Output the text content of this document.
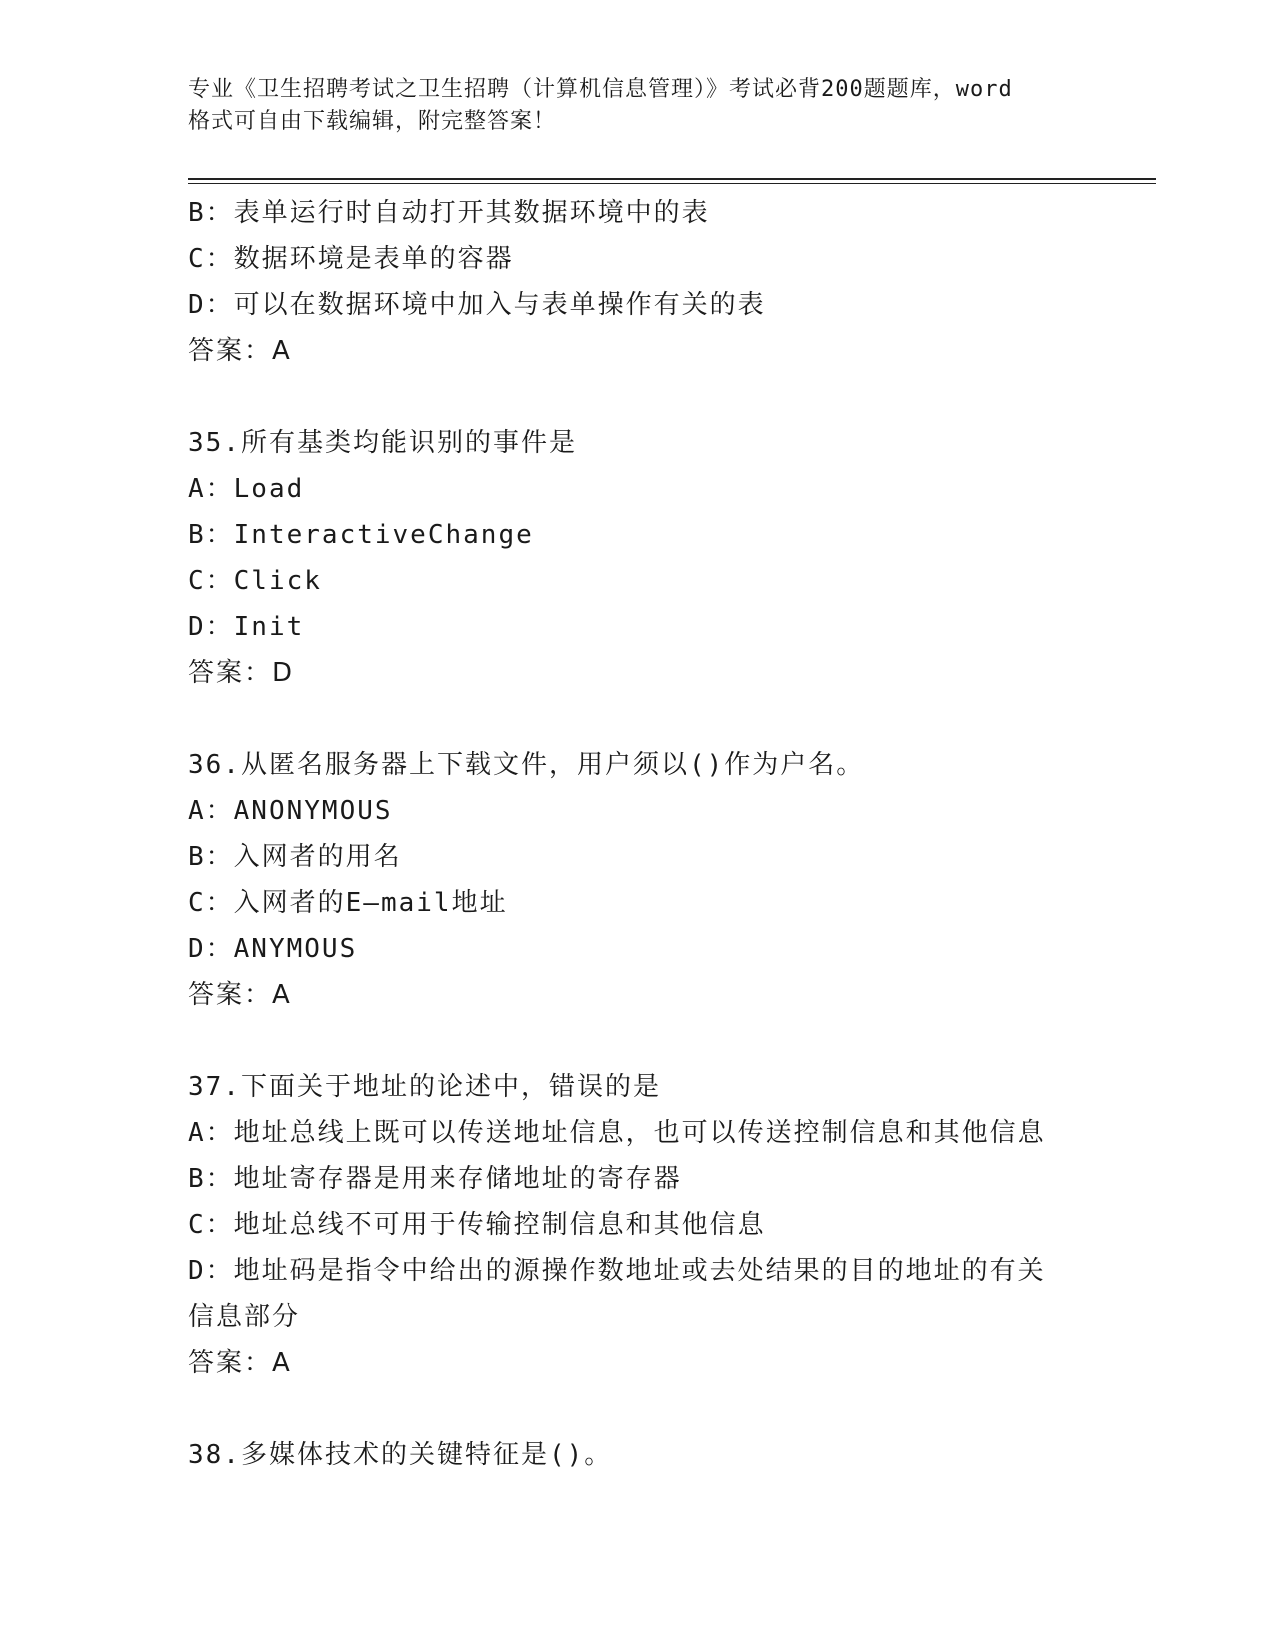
专业《卫生招聘考试之卫生招聘（计算机信息管理）》考试必背200题题库，word
格式可自由下载编辑，附完整答案！
B：表单运行时自动打开其数据环境中的表
C：数据环境是表单的容器
D：可以在数据环境中加入与表单操作有关的表
答案：A
35.所有基类均能识别的事件是
A：Load
B：InteractiveChange
C：Click
D：Init
答案：D
36.从匿名服务器上下载文件，用户须以()作为户名。
A：ANONYMOUS
B：入网者的用名
C：入网者的E—mail地址
D：ANYMOUS
答案：A
37.下面关于地址的论述中，错误的是
A：地址总线上既可以传送地址信息，也可以传送控制信息和其他信息
B：地址寄存器是用来存储地址的寄存器
C：地址总线不可用于传输控制信息和其他信息
D：地址码是指令中给出的源操作数地址或去处结果的目的地址的有关
信息部分
答案：A
38.多媒体技术的关键特征是()。
